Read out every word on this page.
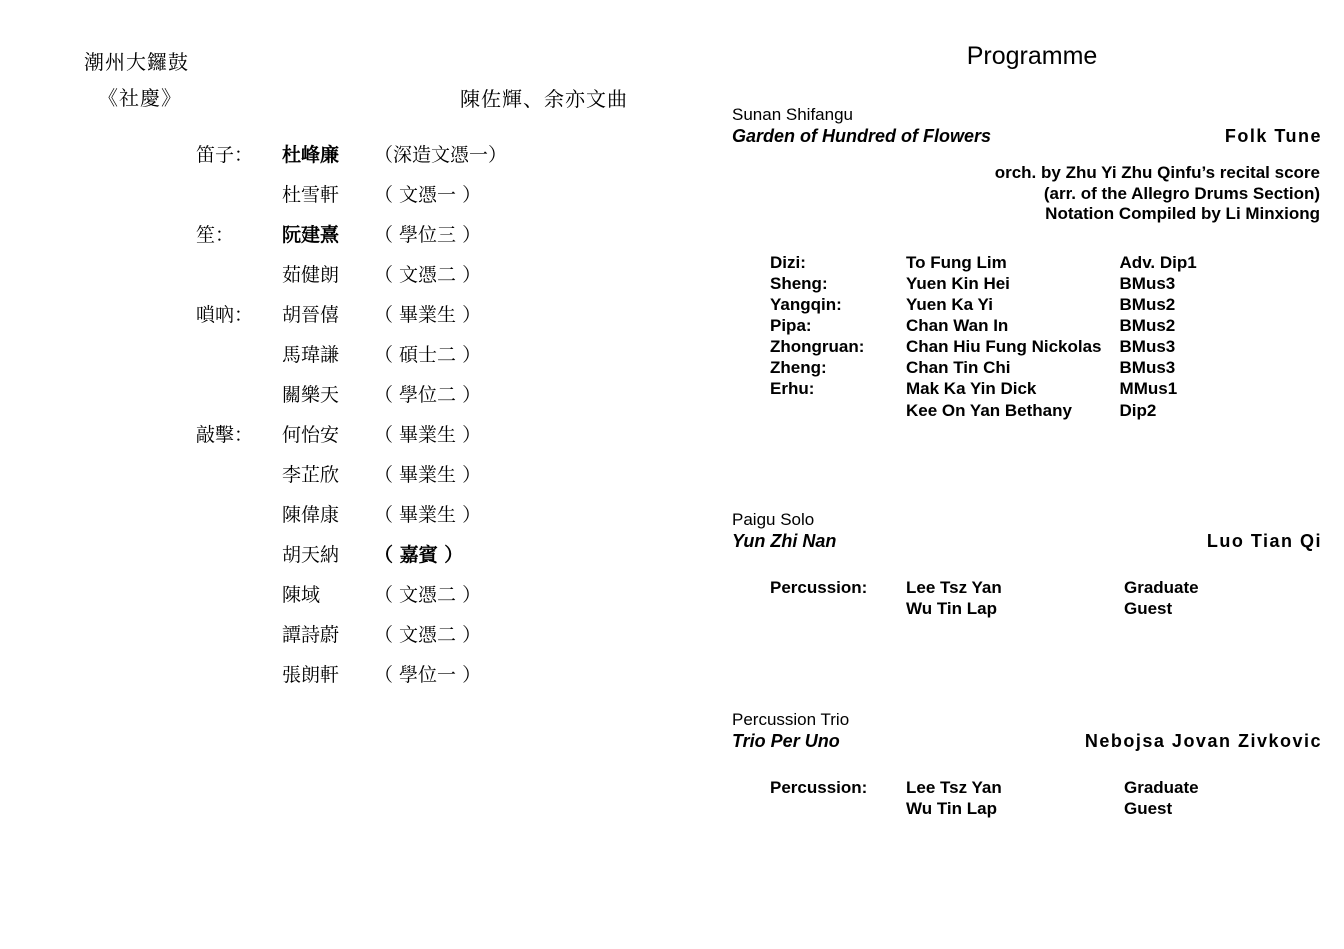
潮州大鑼鼓
《社慶》	陳佐輝、余亦文曲
笛子：	杜峰廉	（深造文憑一）
	杜雪軒	（ 文憑一 ）
笙：	阮建熹	（ 學位三 ）
	茹健朗	（ 文憑二 ）
嗩吶：	胡晉僖	（ 畢業生 ）
	馬瑋謙	（ 碩士二 ）
	關樂天	（ 學位二 ）
敲擊：	何怡安	（ 畢業生 ）
	李芷欣	（ 畢業生 ）
	陳偉康	（ 畢業生 ）
	胡天納	（ 嘉賓 ）
	陳域	（ 文憑二 ）
	譚詩蔚	（ 文憑二 ）
	張朗軒	（ 學位一 ）
Programme
Sunan Shifangu
Garden of Hundred of Flowers	Folk Tune
orch. by Zhu Yi Zhu Qinfu’s recital score
(arr. of the Allegro Drums Section)
Notation Compiled by Li Minxiong
Dizi:	To Fung Lim	Adv. Dip1
Sheng:	Yuen Kin Hei	BMus3
Yangqin:	Yuen Ka Yi	BMus2
Pipa:	Chan Wan In	BMus2
Zhongruan:	Chan Hiu Fung Nickolas	BMus3
Zheng:	Chan Tin Chi	BMus3
Erhu:	Mak Ka Yin Dick	MMus1
	Kee On Yan Bethany	Dip2
Paigu Solo
Yun Zhi Nan	Luo Tian Qi
Percussion:	Lee Tsz Yan	Graduate
	Wu Tin Lap	Guest
Percussion Trio
Trio Per Uno	Nebojsa Jovan Zivkovic
Percussion:	Lee Tsz Yan	Graduate
	Wu Tin Lap	Guest
